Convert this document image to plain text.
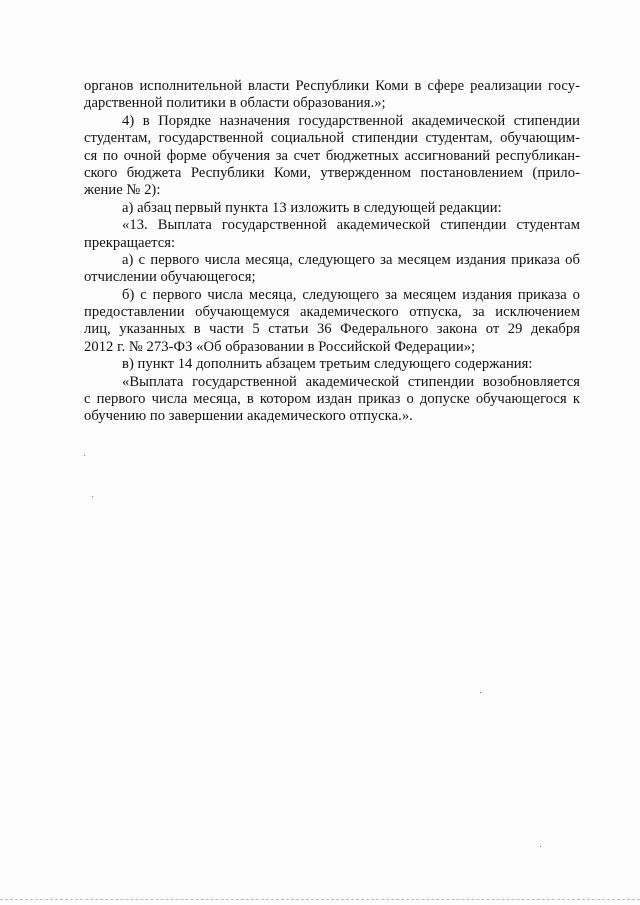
органов исполнительной власти Республики Коми в сфере реализации госу-
дарственной политики в области образования.»;
4) в Порядке назначения государственной академической стипендии
студентам, государственной социальной стипендии студентам, обучающим-
ся по очной форме обучения за счет бюджетных ассигнований республикан-
ского бюджета Республики Коми, утвержденном постановлением (прило-
жение № 2):
а) абзац первый пункта 13 изложить в следующей редакции:
«13. Выплата государственной академической стипендии студентам
прекращается:
а) с первого числа месяца, следующего за месяцем издания приказа об
отчислении обучающегося;
б) с первого числа месяца, следующего за месяцем издания приказа о
предоставлении обучающемуся академического отпуска, за исключением
лиц, указанных в части 5 статьи 36 Федерального закона от 29 декабря
2012 г. № 273-ФЗ «Об образовании в Российской Федерации»;
в) пункт 14 дополнить абзацем третьим следующего содержания:
«Выплата государственной академической стипендии возобновляется
с первого числа месяца, в котором издан приказ о допуске обучающегося к
обучению по завершении академического отпуска.».
